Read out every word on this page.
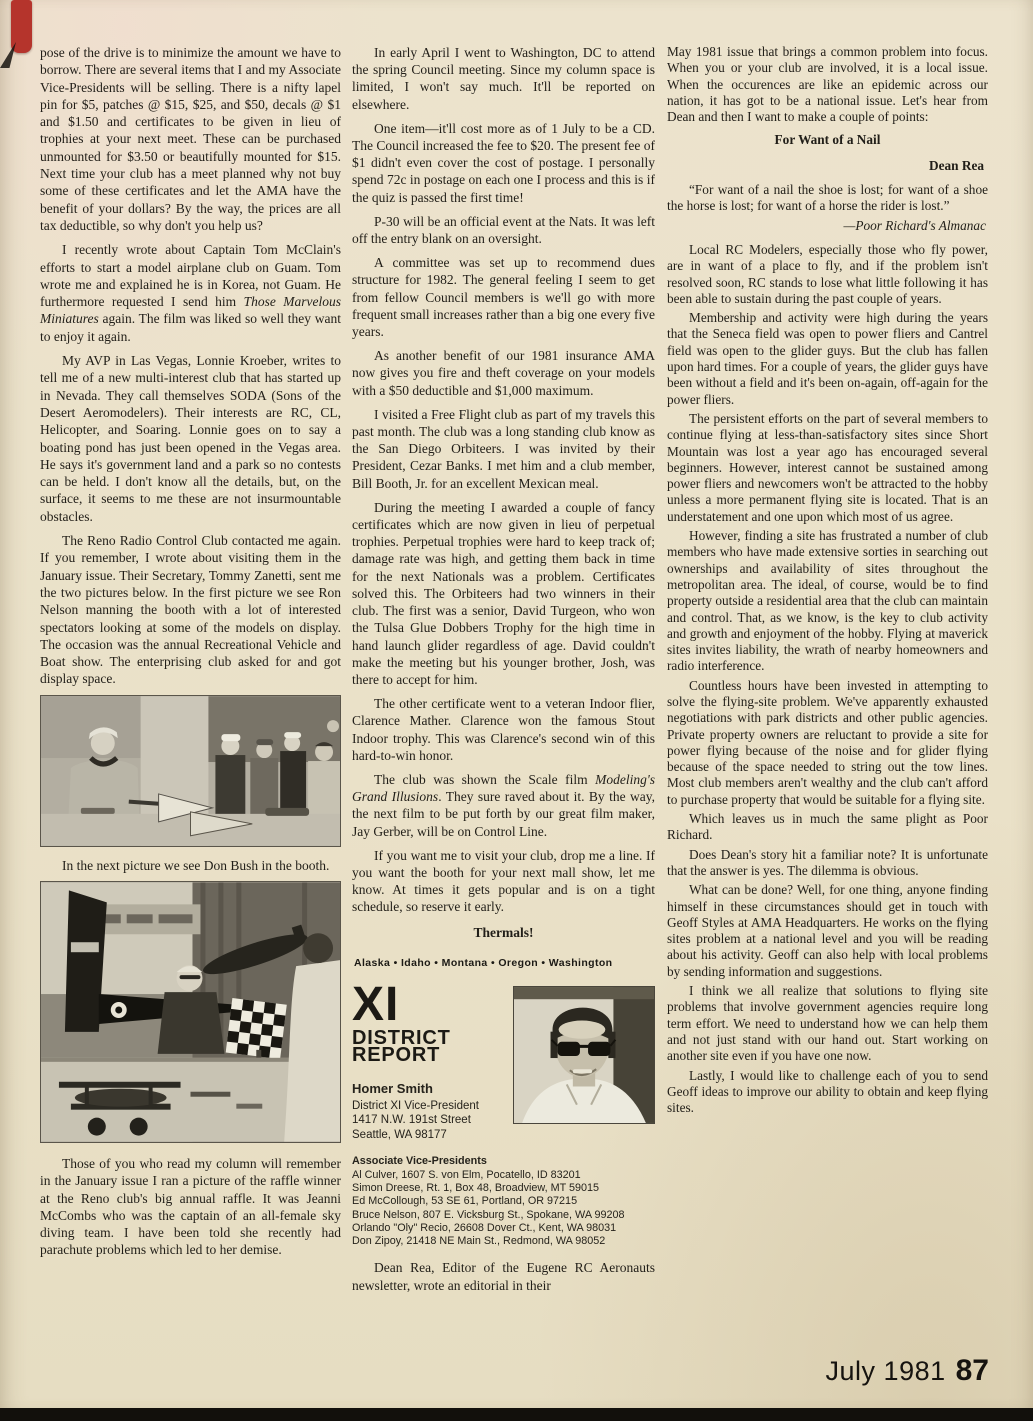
pose of the drive is to minimize the amount we have to borrow. There are several items that I and my Associate Vice-Presidents will be selling. There is a nifty lapel pin for $5, patches @ $15, $25, and $50, decals @ $1 and $1.50 and certificates to be given in lieu of trophies at your next meet. These can be purchased unmounted for $3.50 or beautifully mounted for $15. Next time your club has a meet planned why not buy some of these certificates and let the AMA have the benefit of your dollars? By the way, the prices are all tax deductible, so why don't you help us?

I recently wrote about Captain Tom McClain's efforts to start a model airplane club on Guam. Tom wrote me and explained he is in Korea, not Guam. He furthermore requested I send him Those Marvelous Miniatures again. The film was liked so well they want to enjoy it again.

My AVP in Las Vegas, Lonnie Kroeber, writes to tell me of a new multi-interest club that has started up in Nevada. They call themselves SODA (Sons of the Desert Aeromodelers). Their interests are RC, CL, Helicopter, and Soaring. Lonnie goes on to say a boating pond has just been opened in the Vegas area. He says it's government land and a park so no contests can be held. I don't know all the details, but, on the surface, it seems to me these are not insurmountable obstacles.

The Reno Radio Control Club contacted me again. If you remember, I wrote about visiting them in the January issue. Their Secretary, Tommy Zanetti, sent me the two pictures below. In the first picture we see Ron Nelson manning the booth with a lot of interested spectators looking at some of the models on display. The occasion was the annual Recreational Vehicle and Boat show. The enterprising club asked for and got display space.

In the next picture we see Don Bush in the booth.

Those of you who read my column will remember in the January issue I ran a picture of the raffle winner at the Reno club's big annual raffle. It was Jeanni McCombs who was the captain of an all-female sky diving team. I have been told she recently had parachute problems which led to her demise.

In early April I went to Washington, DC to attend the spring Council meeting. Since my column space is limited, I won't say much. It'll be reported on elsewhere.

One item—it'll cost more as of 1 July to be a CD. The Council increased the fee to $20. The present fee of $1 didn't even cover the cost of postage. I personally spend 72c in postage on each one I process and this is if the quiz is passed the first time!

P-30 will be an official event at the Nats. It was left off the entry blank on an oversight.

A committee was set up to recommend dues structure for 1982. The general feeling I seem to get from fellow Council members is we'll go with more frequent small increases rather than a big one every five years.

As another benefit of our 1981 insurance AMA now gives you fire and theft coverage on your models with a $50 deductible and $1,000 maximum.

I visited a Free Flight club as part of my travels this past month. The club was a long standing club know as the San Diego Orbiteers. I was invited by their President, Cezar Banks. I met him and a club member, Bill Booth, Jr. for an excellent Mexican meal.

During the meeting I awarded a couple of fancy certificates which are now given in lieu of perpetual trophies. Perpetual trophies were hard to keep track of; damage rate was high, and getting them back in time for the next Nationals was a problem. Certificates solved this. The Orbiteers had two winners in their club. The first was a senior, David Turgeon, who won the Tulsa Glue Dobbers Trophy for the high time in hand launch glider regardless of age. David couldn't make the meeting but his younger brother, Josh, was there to accept for him.

The other certificate went to a veteran Indoor flier, Clarence Mather. Clarence won the famous Stout Indoor trophy. This was Clarence's second win of this hard-to-win honor.

The club was shown the Scale film Modeling's Grand Illusions. They sure raved about it. By the way, the next film to be put forth by our great film maker, Jay Gerber, will be on Control Line.

If you want me to visit your club, drop me a line. If you want the booth for your next mall show, let me know. At times it gets popular and is on a tight schedule, so reserve it early.

Thermals!

Alaska • Idaho • Montana • Oregon • Washington
XI
DISTRICT REPORT
Homer Smith
District XI Vice-President
1417 N.W. 191st Street
Seattle, WA 98177
Associate Vice-Presidents
Al Culver, 1607 S. von Elm, Pocatello, ID 83201
Simon Dreese, Rt. 1, Box 48, Broadview, MT 59015
Ed McCollough, 53 SE 61, Portland, OR 97215
Bruce Nelson, 807 E. Vicksburg St., Spokane, WA 99208
Orlando "Oly" Recio, 26608 Dover Ct., Kent, WA 98031
Don Zipoy, 21418 NE Main St., Redmond, WA 98052

Dean Rea, Editor of the Eugene RC Aeronauts newsletter, wrote an editorial in their

May 1981 issue that brings a common problem into focus. When you or your club are involved, it is a local issue. When the occurences are like an epidemic across our nation, it has got to be a national issue. Let's hear from Dean and then I want to make a couple of points:

For Want of a Nail

Dean Rea

“For want of a nail the shoe is lost; for want of a shoe the horse is lost; for want of a horse the rider is lost.”

—Poor Richard's Almanac

Local RC Modelers, especially those who fly power, are in want of a place to fly, and if the problem isn't resolved soon, RC stands to lose what little following it has been able to sustain during the past couple of years.

Membership and activity were high during the years that the Seneca field was open to power fliers and Cantrel field was open to the glider guys. But the club has fallen upon hard times. For a couple of years, the glider guys have been without a field and it's been on-again, off-again for the power fliers.

The persistent efforts on the part of several members to continue flying at less-than-satisfactory sites since Short Mountain was lost a year ago has encouraged several beginners. However, interest cannot be sustained among power fliers and newcomers won't be attracted to the hobby unless a more permanent flying site is located. That is an understatement and one upon which most of us agree.

However, finding a site has frustrated a number of club members who have made extensive sorties in searching out ownerships and availability of sites throughout the metropolitan area. The ideal, of course, would be to find property outside a residential area that the club can maintain and control. That, as we know, is the key to club activity and growth and enjoyment of the hobby. Flying at maverick sites invites liability, the wrath of nearby homeowners and radio interference.

Countless hours have been invested in attempting to solve the flying-site problem. We've apparently exhausted negotiations with park districts and other public agencies. Private property owners are reluctant to provide a site for power flying because of the noise and for glider flying because of the space needed to string out the tow lines. Most club members aren't wealthy and the club can't afford to purchase property that would be suitable for a flying site.

Which leaves us in much the same plight as Poor Richard.

Does Dean's story hit a familiar note? It is unfortunate that the answer is yes. The dilemma is obvious.

What can be done? Well, for one thing, anyone finding himself in these circumstances should get in touch with Geoff Styles at AMA Headquarters. He works on the flying sites problem at a national level and you will be reading about his activity. Geoff can also help with local problems by sending information and suggestions.

I think we all realize that solutions to flying site problems that involve government agencies require long term effort. We need to understand how we can help them and not just stand with our hand out. Start working on another site even if you have one now.

Lastly, I would like to challenge each of you to send Geoff ideas to improve our ability to obtain and keep flying sites.

July 1981 87
